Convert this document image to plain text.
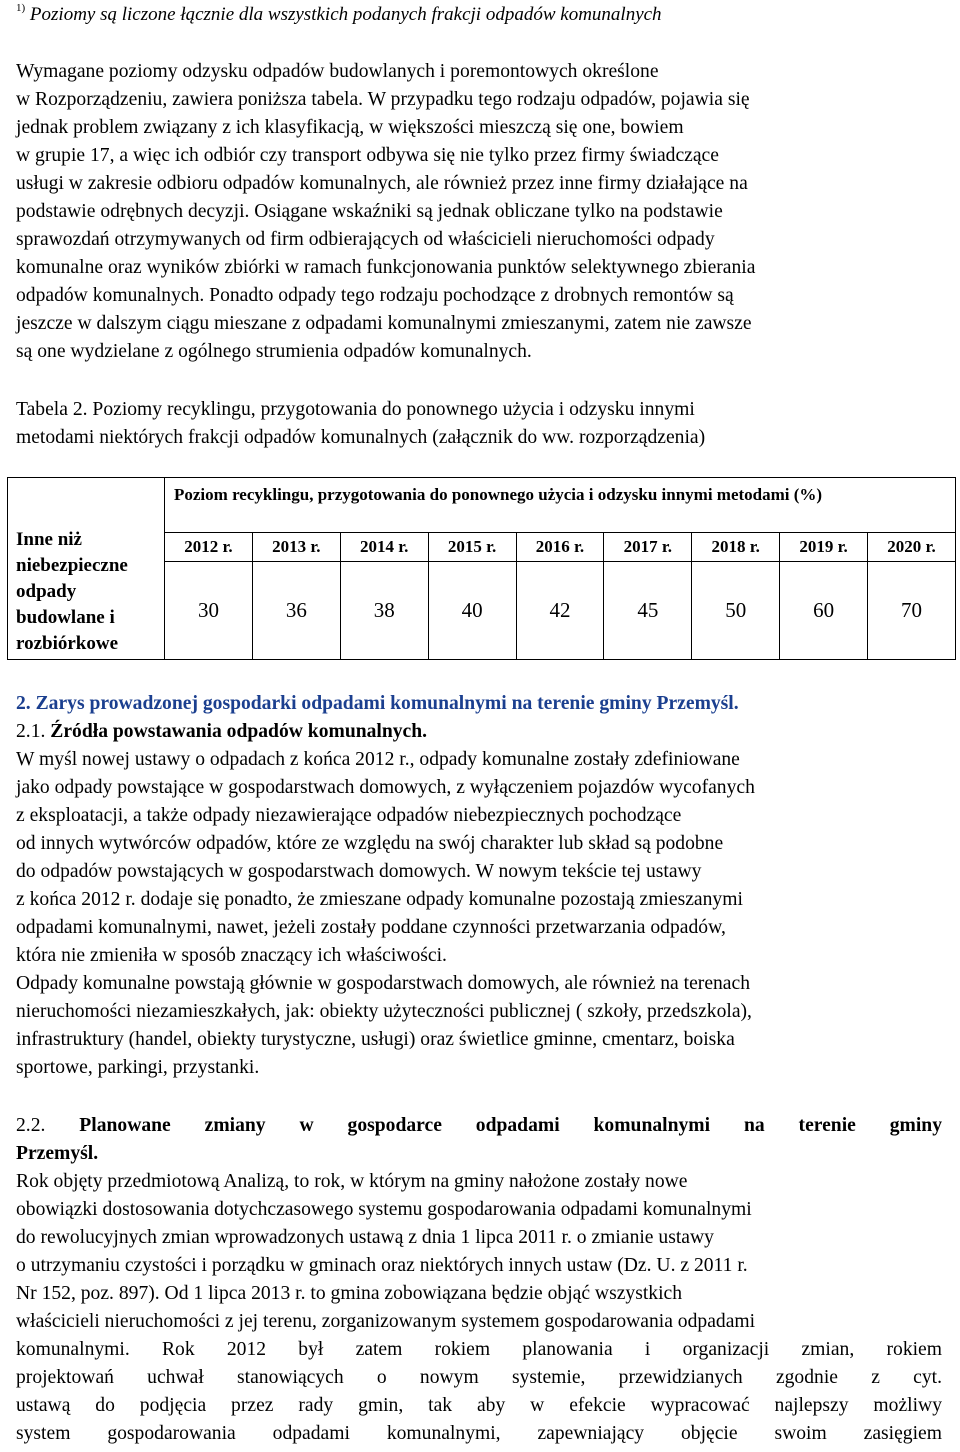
$^{1)}$ Poziomy są liczone łącznie dla wszystkich podanych frakcji odpadów komunalnych
Wymagane poziomy odzysku odpadów budowlanych i poremontowych określone
w Rozporządzeniu, zawiera poniższa tabela. W przypadku tego rodzaju odpadów, pojawia się
jednak problem związany z ich klasyfikacją, w większości mieszczą się one, bowiem
w grupie 17, a więc ich odbiór czy transport odbywa się nie tylko przez firmy świadczące
usługi w zakresie odbioru odpadów komunalnych, ale również przez inne firmy działające na
podstawie odrębnych decyzji. Osiągane wskaźniki są jednak obliczane tylko na podstawie
sprawozdań otrzymywanych od firm odbierających od właścicieli nieruchomości odpady
komunalne oraz wyników zbiórki w ramach funkcjonowania punktów selektywnego zbierania
odpadów komunalnych. Ponadto odpady tego rodzaju pochodzące z drobnych remontów są
jeszcze w dalszym ciągu mieszane z odpadami komunalnymi zmieszanymi, zatem nie zawsze
są one wydzielane z ogólnego strumienia odpadów komunalnych.
Tabela 2. Poziomy recyklingu, przygotowania do ponownego użycia i odzysku innymi
metodami niektórych frakcji odpadów komunalnych (załącznik do ww. rozporządzenia)
Inne niż niebezpieczne odpady budowlane i rozbiórkowe	Poziom recyklingu, przygotowania do ponownego użycia i odzysku innymi metodami (%)								
	2012 r.	2013 r.	2014 r.	2015 r.	2016 r.	2017 r.	2018 r.	2019 r.	2020 r.
	30	36	38	40	42	45	50	60	70
2. Zarys prowadzonej gospodarki odpadami komunalnymi na terenie gminy Przemyśl.
2.1. Źródła powstawania odpadów komunalnych.
W myśl nowej ustawy o odpadach z końca 2012 r., odpady komunalne zostały zdefiniowane
jako odpady powstające w gospodarstwach domowych, z wyłączeniem pojazdów wycofanych
z eksploatacji, a także odpady niezawierające odpadów niebezpiecznych pochodzące
od innych wytwórców odpadów, które ze względu na swój charakter lub skład są podobne
do odpadów powstających w gospodarstwach domowych. W nowym tekście tej ustawy
z końca 2012 r. dodaje się ponadto, że zmieszane odpady komunalne pozostają zmieszanymi
odpadami komunalnymi, nawet, jeżeli zostały poddane czynności przetwarzania odpadów,
która nie zmieniła w sposób znaczący ich właściwości.
Odpady komunalne powstają głównie w gospodarstwach domowych, ale również na terenach
nieruchomości niezamieszkałych, jak: obiekty użyteczności publicznej ( szkoły, przedszkola),
infrastruktury (handel, obiekty turystyczne, usługi) oraz świetlice gminne, cmentarz, boiska
sportowe, parkingi, przystanki.
2.2. Planowane zmiany w gospodarce odpadami komunalnymi na terenie gminy
Przemyśl.
Rok objęty przedmiotową Analizą, to rok, w którym na gminy nałożone zostały nowe
obowiązki dostosowania dotychczasowego systemu gospodarowania odpadami komunalnymi
do rewolucyjnych zmian wprowadzonych ustawą z dnia 1 lipca 2011 r. o zmianie ustawy
o utrzymaniu czystości i porządku w gminach oraz niektórych innych ustaw (Dz. U. z 2011 r.
Nr 152, poz. 897). Od 1 lipca 2013 r. to gmina zobowiązana będzie objąć wszystkich
właścicieli nieruchomości z jej terenu, zorganizowanym systemem gospodarowania odpadami
komunalnymi. Rok 2012 był zatem rokiem planowania i organizacji zmian, rokiem
projektowań uchwał stanowiących o nowym systemie, przewidzianych zgodnie z cyt.
ustawą do podjęcia przez rady gmin, tak aby w efekcie wypracować najlepszy możliwy
system gospodarowania odpadami komunalnymi, zapewniający objęcie swoim zasięgiem
